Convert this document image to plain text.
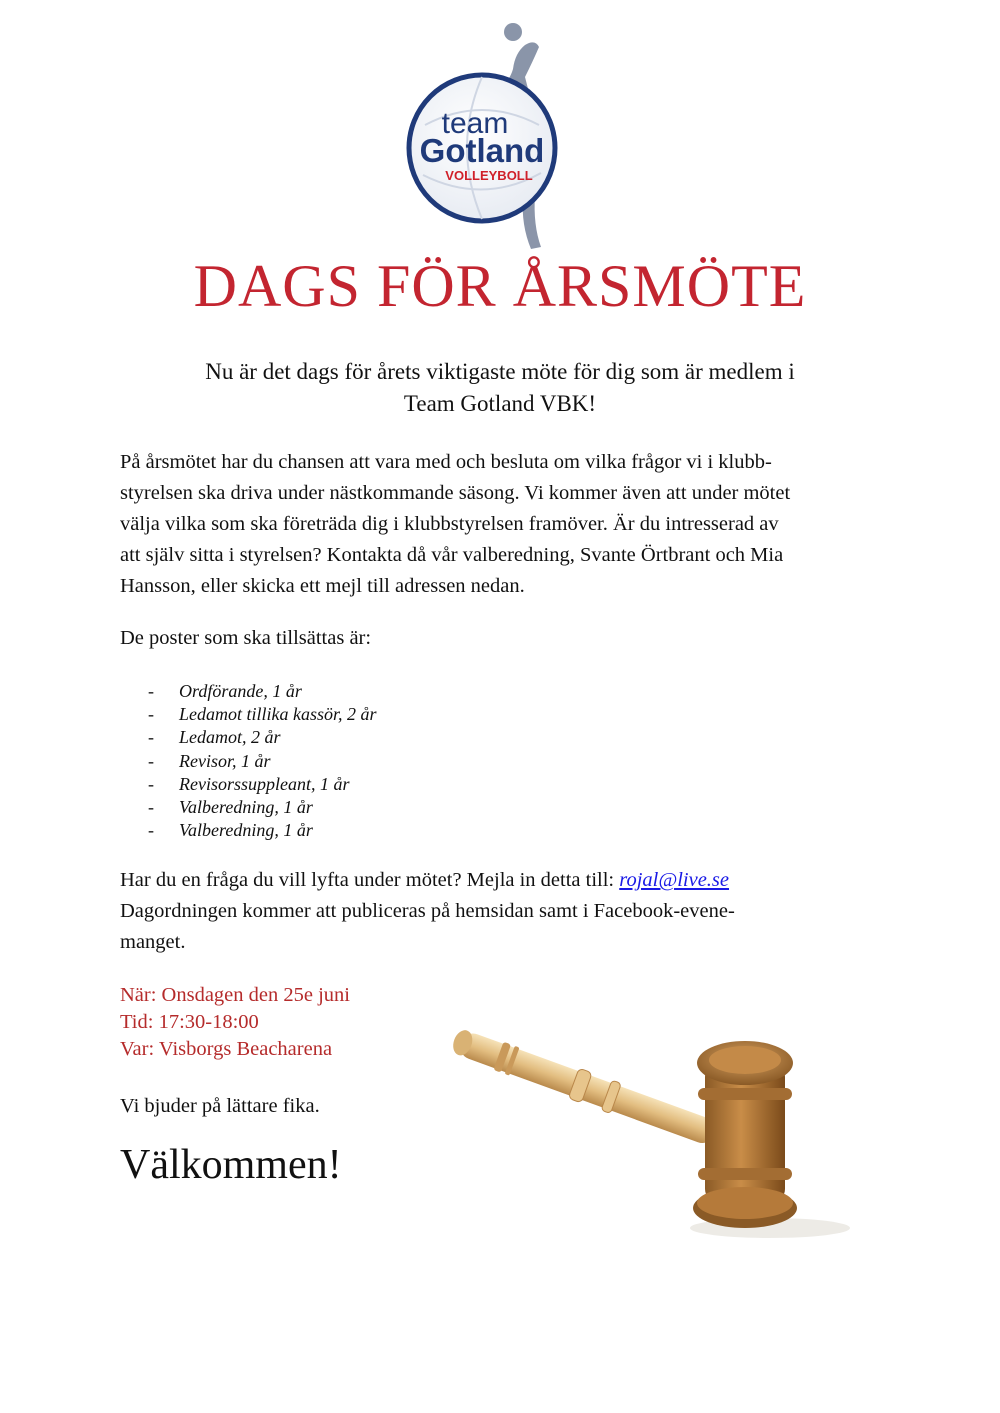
team
Gotland
VOLLEYBOLL
DAGS FÖR ÅRSMÖTE

Nu är det dags för årets viktigaste möte för dig som är medlem i
Team Gotland VBK!

På årsmötet har du chansen att vara med och besluta om vilka frågor vi i klubb-
styrelsen ska driva under nästkommande säsong. Vi kommer även att under mötet
välja vilka som ska företräda dig i klubbstyrelsen framöver. Är du intresserad av
att själv sitta i styrelsen? Kontakta då vår valberedning, Svante Örtbrant och Mia
Hansson, eller skicka ett mejl till adressen nedan.

De poster som ska tillsättas är:

- Ordförande, 1 år
- Ledamot tillika kassör, 2 år
- Ledamot, 2 år
- Revisor, 1 år
- Revisorssuppleant, 1 år
- Valberedning, 1 år
- Valberedning, 1 år

Har du en fråga du vill lyfta under mötet? Mejla in detta till: rojal@live.se
Dagordningen kommer att publiceras på hemsidan samt i Facebook-evene-
manget.

När: Onsdagen den 25e juni
Tid: 17:30-18:00
Var: Visborgs Beacharena

Vi bjuder på lättare fika.

Välkommen!
